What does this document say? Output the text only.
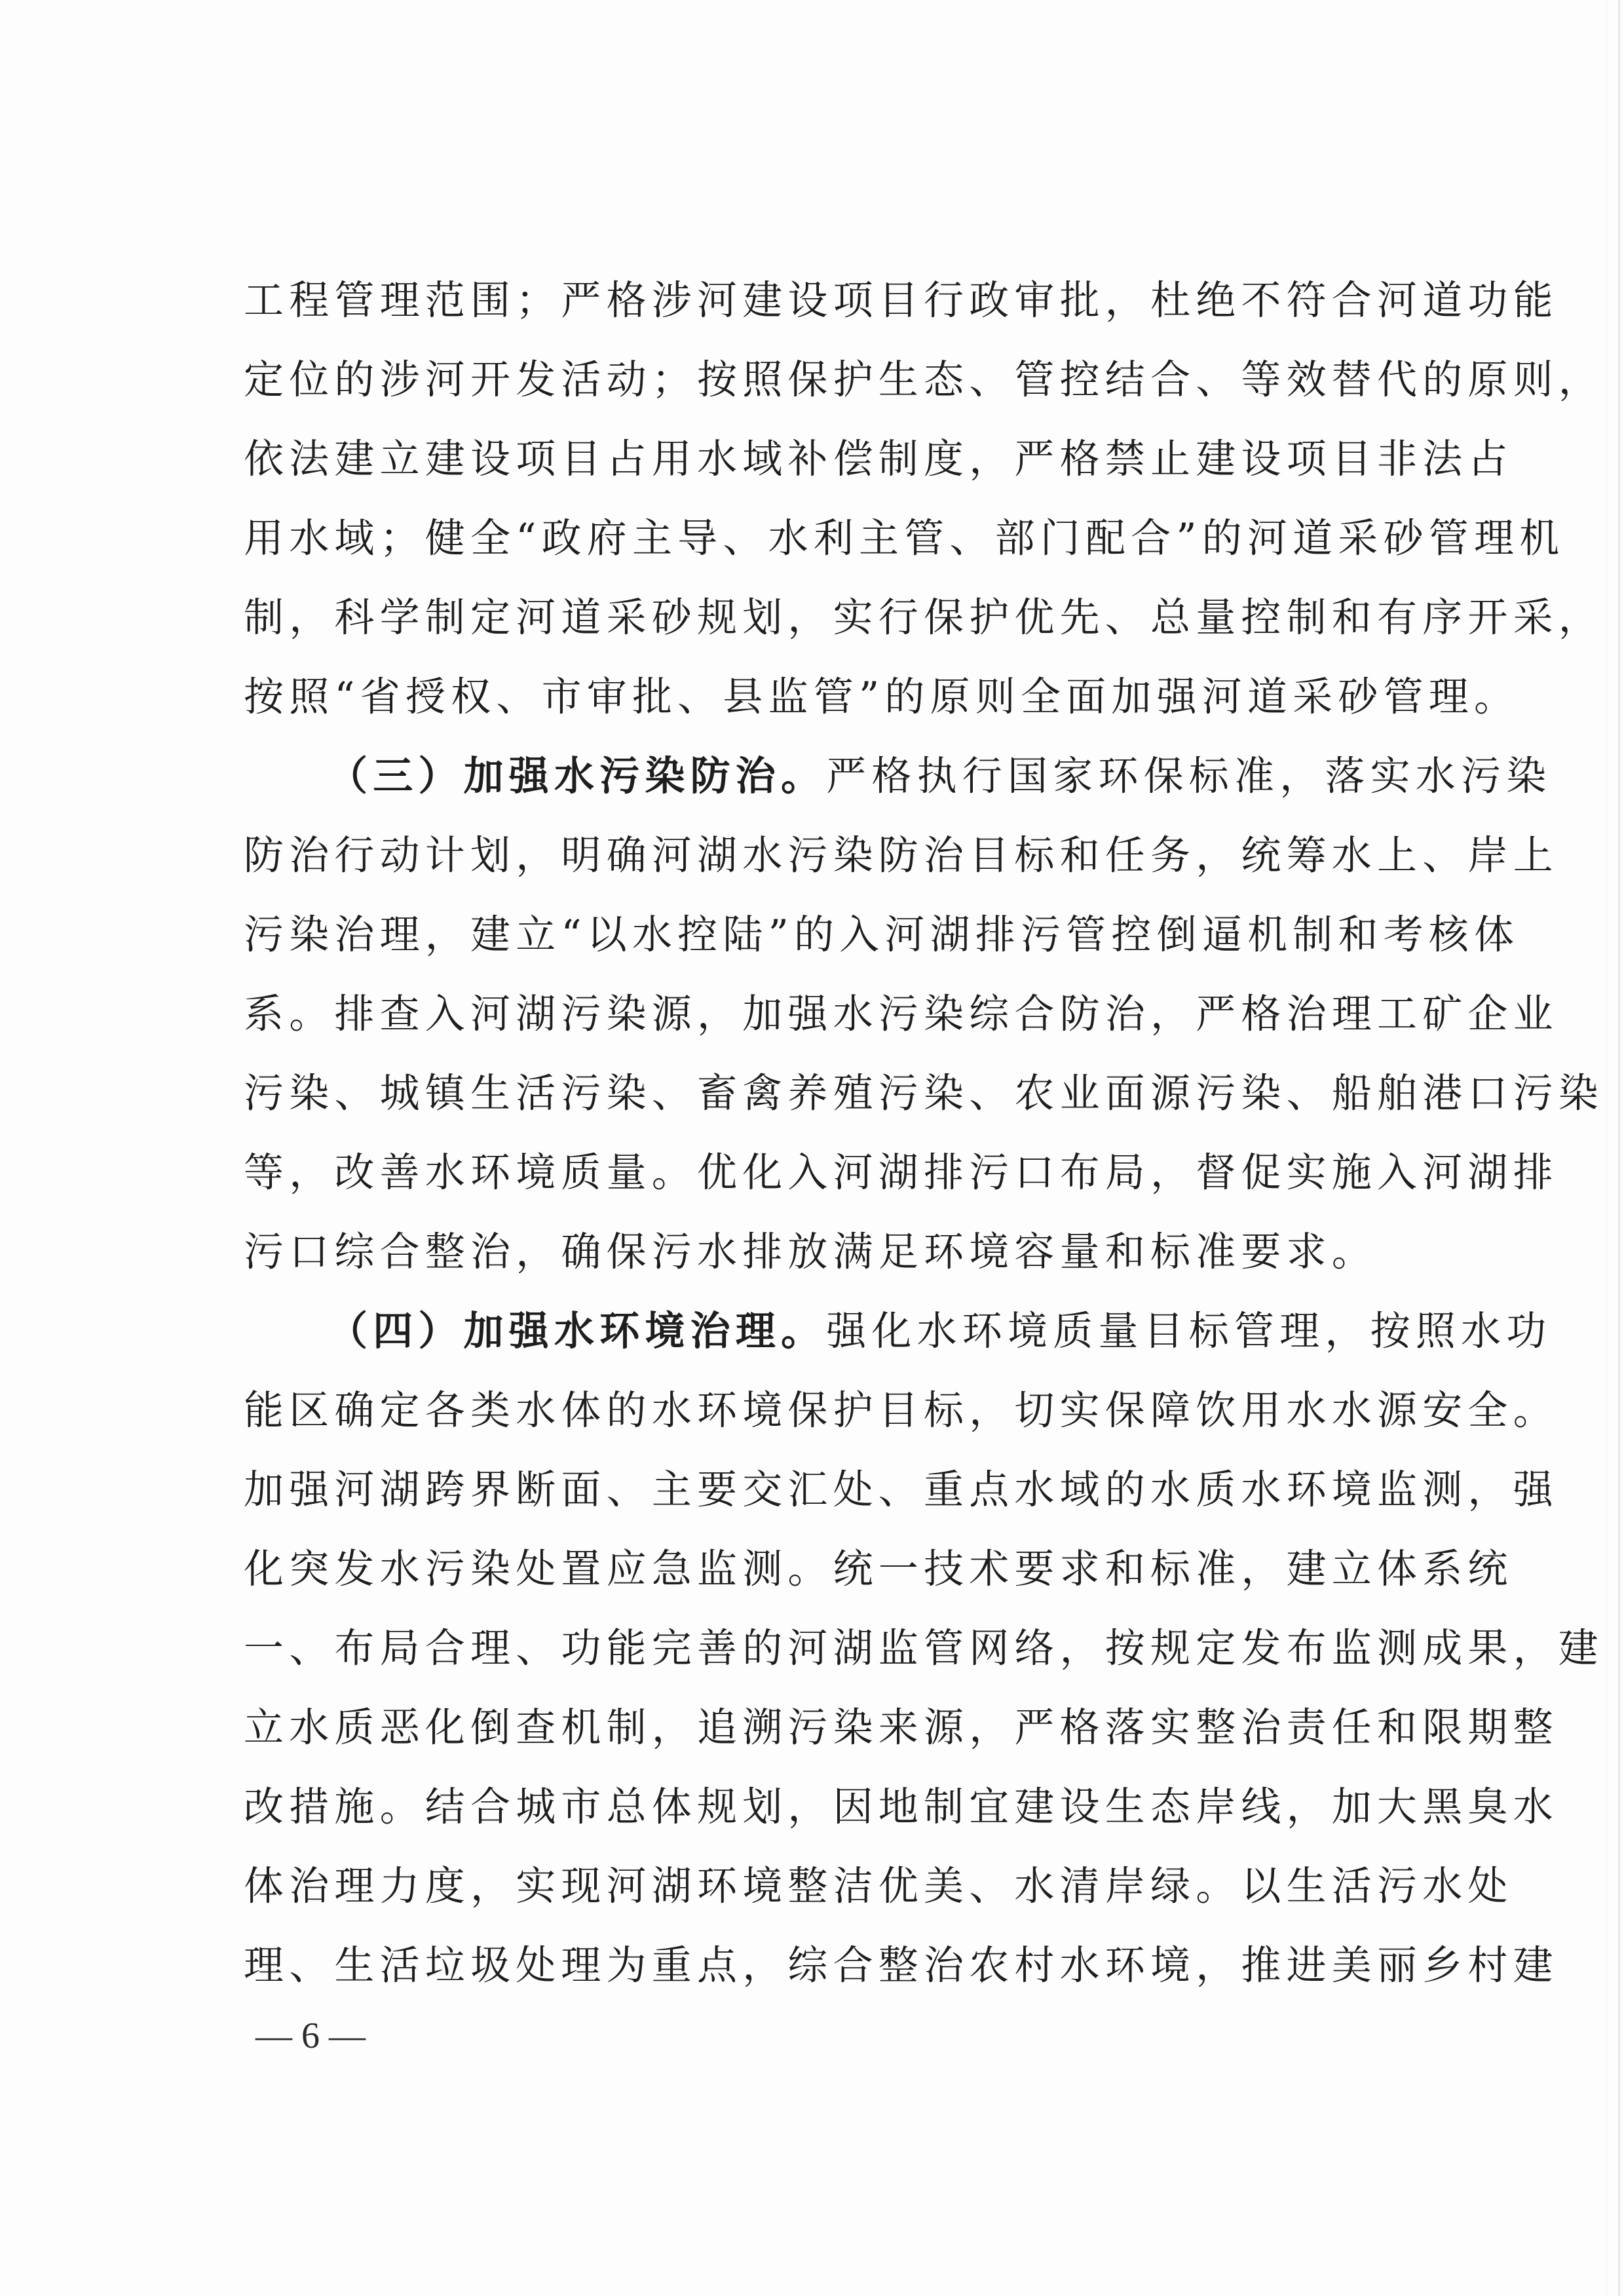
工程管理范围；严格涉河建设项目行政审批，杜绝不符合河道功能
定位的涉河开发活动；按照保护生态、管控结合、等效替代的原则，
依法建立建设项目占用水域补偿制度，严格禁止建设项目非法占
用水域；健全“政府主导、水利主管、部门配合”的河道采砂管理机
制，科学制定河道采砂规划，实行保护优先、总量控制和有序开采，
按照“省授权、市审批、县监管”的原则全面加强河道采砂管理。
（三）加强水污染防治。严格执行国家环保标准，落实水污染
防治行动计划，明确河湖水污染防治目标和任务，统筹水上、岸上
污染治理，建立“以水控陆”的入河湖排污管控倒逼机制和考核体
系。排查入河湖污染源，加强水污染综合防治，严格治理工矿企业
污染、城镇生活污染、畜禽养殖污染、农业面源污染、船舶港口污染
等，改善水环境质量。优化入河湖排污口布局，督促实施入河湖排
污口综合整治，确保污水排放满足环境容量和标准要求。
（四）加强水环境治理。强化水环境质量目标管理，按照水功
能区确定各类水体的水环境保护目标，切实保障饮用水水源安全。
加强河湖跨界断面、主要交汇处、重点水域的水质水环境监测，强
化突发水污染处置应急监测。统一技术要求和标准，建立体系统
一、布局合理、功能完善的河湖监管网络，按规定发布监测成果，建
立水质恶化倒查机制，追溯污染来源，严格落实整治责任和限期整
改措施。结合城市总体规划，因地制宜建设生态岸线，加大黑臭水
体治理力度，实现河湖环境整洁优美、水清岸绿。以生活污水处
理、生活垃圾处理为重点，综合整治农村水环境，推进美丽乡村建
— 6 —
